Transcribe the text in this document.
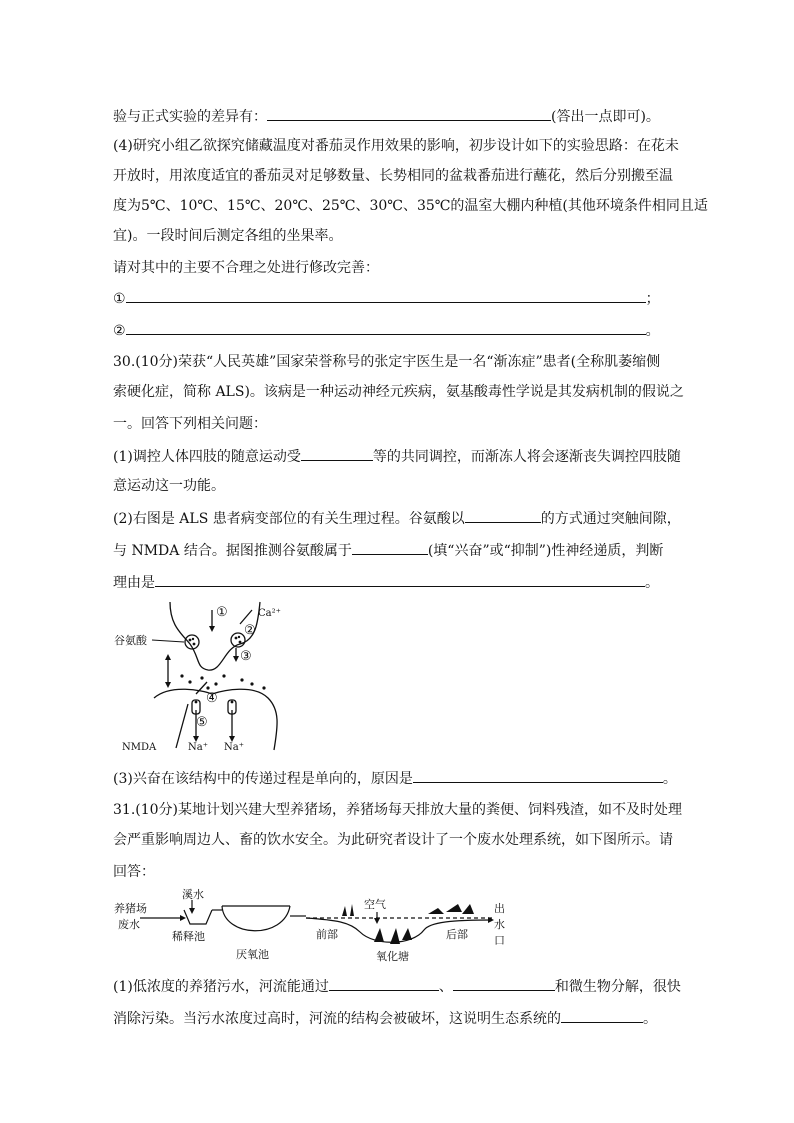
验与正式实验的差异有：	(答出一点即可)。
(4)研究小组乙欲探究储藏温度对番茄灵作用效果的影响，初步设计如下的实验思路：在花未
开放时，用浓度适宜的番茄灵对足够数量、长势相同的盆栽番茄进行蘸花，然后分别搬至温
度为5℃、10℃、15℃、20℃、25℃、30℃、35℃的温室大棚内种植(其他环境条件相同且适
宜)。一段时间后测定各组的坐果率。
请对其中的主要不合理之处进行修改完善：
①	；
②	。
30.(10分)荣获“人民英雄”国家荣誉称号的张定宇医生是一名“渐冻症”患者(全称肌萎缩侧
索硬化症，简称 ALS)。该病是一种运动神经元疾病，氨基酸毒性学说是其发病机制的假说之
一。回答下列相关问题：
(1)调控人体四肢的随意运动受	等的共同调控，而渐冻人将会逐渐丧失调控四肢随
意运动这一功能。
(2)右图是 ALS 患者病变部位的有关生理过程。谷氨酸以	的方式通过突触间隙，
与 NMDA 结合。据图推测谷氨酸属于	(填“兴奋”或“抑制”)性神经递质，判断
理由是	。
谷氨酸
Ca²⁺
①
②
③
④
⑤
NMDA	Na⁺ Na⁺
(3)兴奋在该结构中的传递过程是单向的，原因是	。
31.(10分)某地计划兴建大型养猪场，养猪场每天排放大量的粪便、饲料残渣，如不及时处理
会严重影响周边人、畜的饮水安全。为此研究者设计了一个废水处理系统，如下图所示。请
回答：
养猪场
废水
溪水
稀释池
厌氧池
空气
前部	后部
氧化塘
出
水
口
(1)低浓度的养猪污水，河流能通过	、	和微生物分解，很快
消除污染。当污水浓度过高时，河流的结构会被破坏，这说明生态系统的	。
